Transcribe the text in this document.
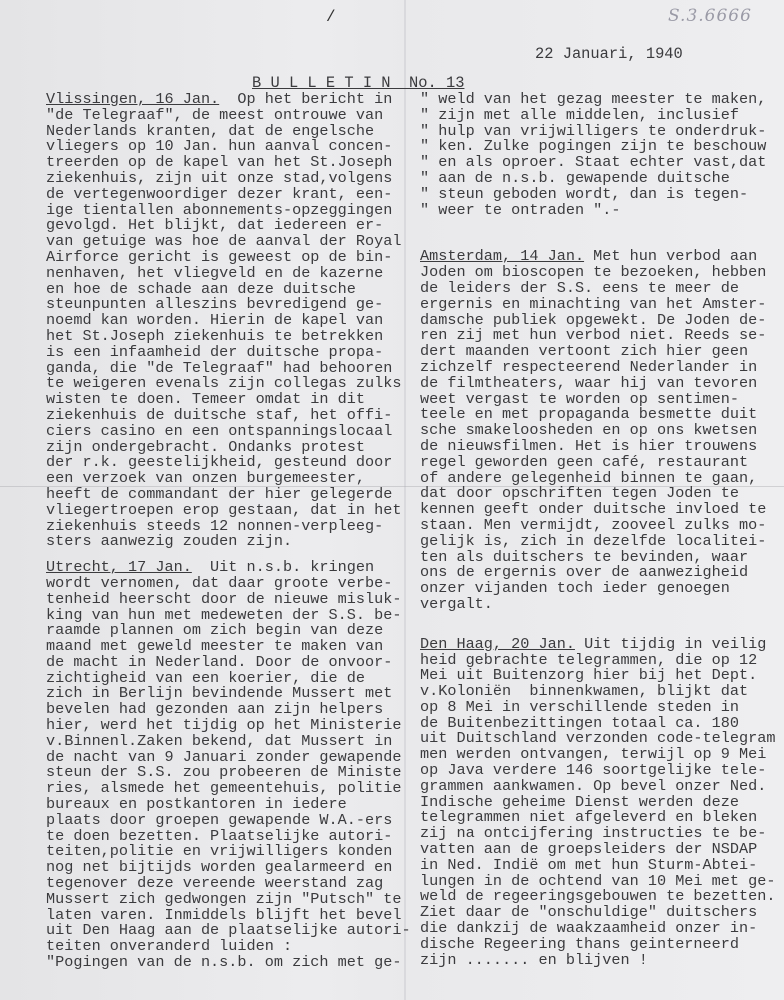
S.3.6666
/
22 Januari, 1940
B U L L E T I N  No. 13
Vlissingen, 16 Jan.  Op het bericht in
"de Telegraaf", de meest ontrouwe van
Nederlands kranten, dat de engelsche
vliegers op 10 Jan. hun aanval concen-
treerden op de kapel van het St.Joseph
ziekenhuis, zijn uit onze stad,volgens
de vertegenwoordiger dezer krant, een-
ige tientallen abonnements-opzeggingen
gevolgd. Het blijkt, dat iedereen er-
van getuige was hoe de aanval der Royal
Airforce gericht is geweest op de bin-
nenhaven, het vliegveld en de kazerne
en hoe de schade aan deze duitsche
steunpunten alleszins bevredigend ge-
noemd kan worden. Hierin de kapel van
het St.Joseph ziekenhuis te betrekken
is een infaamheid der duitsche propa-
ganda, die "de Telegraaf" had behooren
te weigeren evenals zijn collegas zulks
wisten te doen. Temeer omdat in dit
ziekenhuis de duitsche staf, het offi-
ciers casino en een ontspanningslocaal
zijn ondergebracht. Ondanks protest
der r.k. geestelijkheid, gesteund door
een verzoek van onzen burgemeester,
heeft de commandant der hier gelegerde
vliegertroepen erop gestaan, dat in het
ziekenhuis steeds 12 nonnen-verpleeg-
sters aanwezig zouden zijn.
Utrecht, 17 Jan.  Uit n.s.b. kringen
wordt vernomen, dat daar groote verbe-
tenheid heerscht door de nieuwe misluk-
king van hun met medeweten der S.S. be-
raamde plannen om zich begin van deze
maand met geweld meester te maken van
de macht in Nederland. Door de onvoor-
zichtigheid van een koerier, die de
zich in Berlijn bevindende Mussert met
bevelen had gezonden aan zijn helpers
hier, werd het tijdig op het Ministerie
v.Binnenl.Zaken bekend, dat Mussert in
de nacht van 9 Januari zonder gewapende
steun der S.S. zou probeeren de Ministe
ries, alsmede het gemeentehuis, politie
bureaux en postkantoren in iedere
plaats door groepen gewapende W.A.-ers
te doen bezetten. Plaatselijke autori-
teiten,politie en vrijwilligers konden
nog net bijtijds worden gealarmeerd en
tegenover deze vereende weerstand zag
Mussert zich gedwongen zijn "Putsch" te
laten varen. Inmiddels blijft het bevel
uit Den Haag aan de plaatselijke autori-
teiten onveranderd luiden :
"Pogingen van de n.s.b. om zich met ge-
" weld van het gezag meester te maken,
" zijn met alle middelen, inclusief
" hulp van vrijwilligers te onderdruk-
" ken. Zulke pogingen zijn te beschouw
" en als oproer. Staat echter vast,dat
" aan de n.s.b. gewapende duitsche
" steun geboden wordt, dan is tegen-
" weer te ontraden ".-
Amsterdam, 14 Jan. Met hun verbod aan
Joden om bioscopen te bezoeken, hebben
de leiders der S.S. eens te meer de
ergernis en minachting van het Amster-
damsche publiek opgewekt. De Joden de-
ren zij met hun verbod niet. Reeds se-
dert maanden vertoont zich hier geen
zichzelf respecteerend Nederlander in
de filmtheaters, waar hij van tevoren
weet vergast te worden op sentimen-
teele en met propaganda besmette duit
sche smakeloosheden en op ons kwetsen
de nieuwsfilmen. Het is hier trouwens
regel geworden geen café, restaurant
of andere gelegenheid binnen te gaan,
dat door opschriften tegen Joden te
kennen geeft onder duitsche invloed te
staan. Men vermijdt, zooveel zulks mo-
gelijk is, zich in dezelfde localitei-
ten als duitschers te bevinden, waar
ons de ergernis over de aanwezigheid
onzer vijanden toch ieder genoegen
vergalt.
Den Haag, 20 Jan. Uit tijdig in veilig
heid gebrachte telegrammen, die op 12
Mei uit Buitenzorg hier bij het Dept.
v.Koloniën  binnenkwamen, blijkt dat
op 8 Mei in verschillende steden in
de Buitenbezittingen totaal ca. 180
uit Duitschland verzonden code-telegram
men werden ontvangen, terwijl op 9 Mei
op Java verdere 146 soortgelijke tele-
grammen aankwamen. Op bevel onzer Ned.
Indische geheime Dienst werden deze
telegrammen niet afgeleverd en bleken
zij na ontcijfering instructies te be-
vatten aan de groepsleiders der NSDAP
in Ned. Indië om met hun Sturm-Abtei-
lungen in de ochtend van 10 Mei met ge-
weld de regeeringsgebouwen te bezetten.
Ziet daar de "onschuldige" duitschers
die dankzij de waakzaamheid onzer in-
dische Regeering thans geinterneerd
zijn ....... en blijven !
